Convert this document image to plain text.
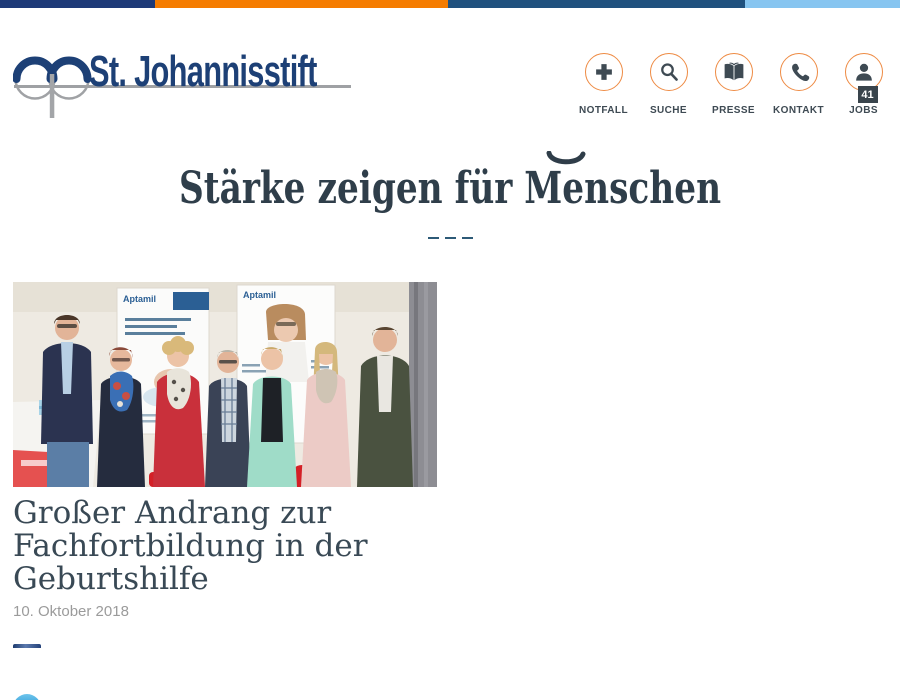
St. Johannisstift
NOTFALL SUCHE	PRESSE KONTAKT
41
JOBS
Stärke zeigen für Menschen
Aptamil	Aptamil
Großer Andrang zur Fachfortbildung in der Geburtshilfe
10. Oktober 2018
